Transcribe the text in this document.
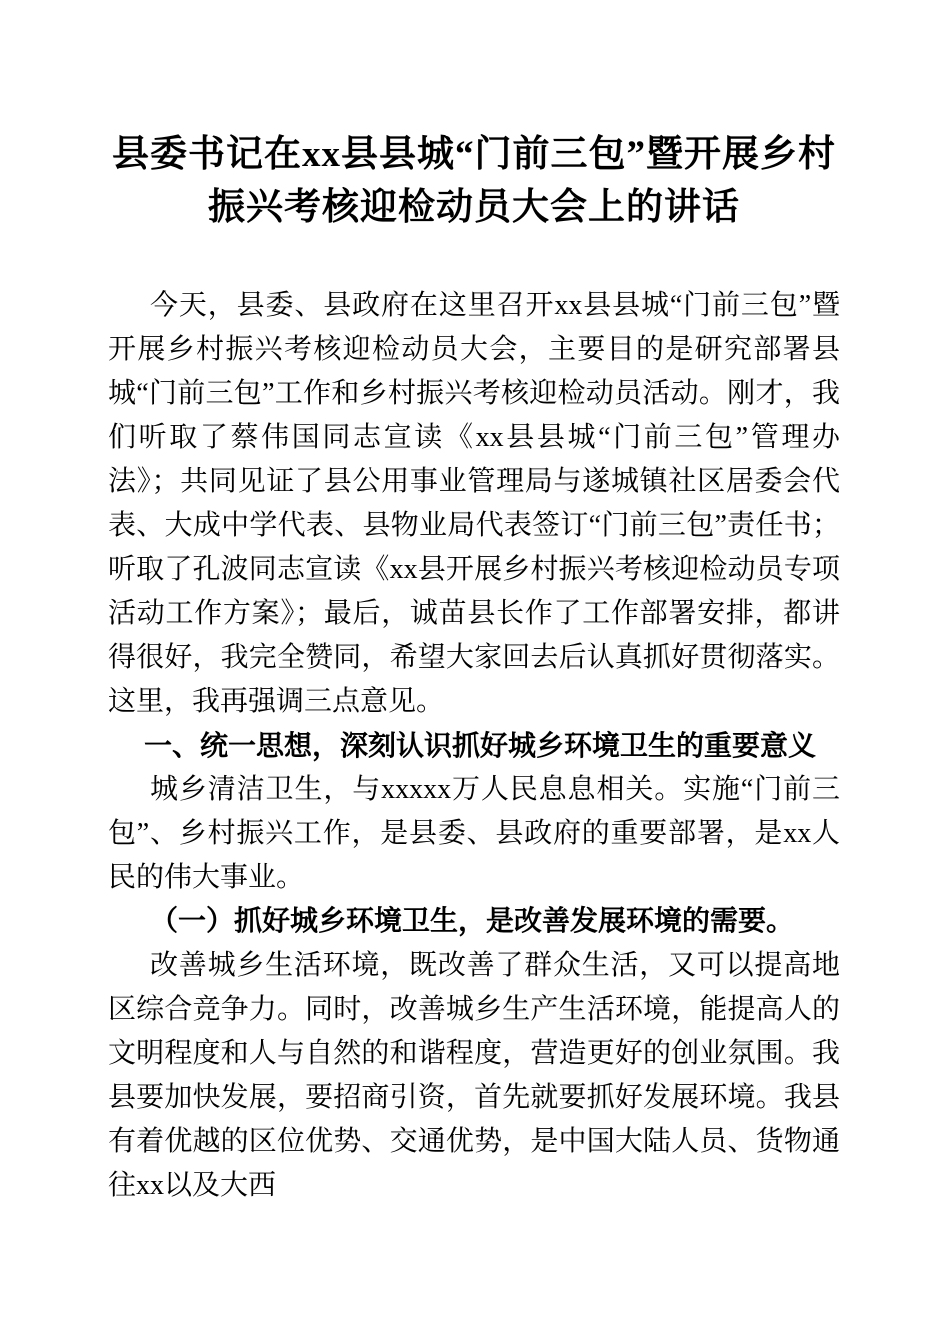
县委书记在xx县县城“门前三包”暨开展乡村振兴考核迎检动员大会上的讲话

今天，县委、县政府在这里召开xx县县城“门前三包”暨开展乡村振兴考核迎检动员大会，主要目的是研究部署县城“门前三包”工作和乡村振兴考核迎检动员活动。刚才，我们听取了蔡伟国同志宣读《xx县县城“门前三包”管理办法》；共同见证了县公用事业管理局与遂城镇社区居委会代表、大成中学代表、县物业局代表签订“门前三包”责任书；听取了孔波同志宣读《xx县开展乡村振兴考核迎检动员专项活动工作方案》；最后，诚苗县长作了工作部署安排，都讲得很好，我完全赞同，希望大家回去后认真抓好贯彻落实。这里，我再强调三点意见。

一、统一思想，深刻认识抓好城乡环境卫生的重要意义

城乡清洁卫生，与xxxxx万人民息息相关。实施“门前三包”、乡村振兴工作，是县委、县政府的重要部署，是xx人民的伟大事业。

（一）抓好城乡环境卫生，是改善发展环境的需要。

改善城乡生活环境，既改善了群众生活，又可以提高地区综合竞争力。同时，改善城乡生产生活环境，能提高人的文明程度和人与自然的和谐程度，营造更好的创业氛围。我县要加快发展，要招商引资，首先就要抓好发展环境。我县有着优越的区位优势、交通优势，是中国大陆人员、货物通往xx以及大西
